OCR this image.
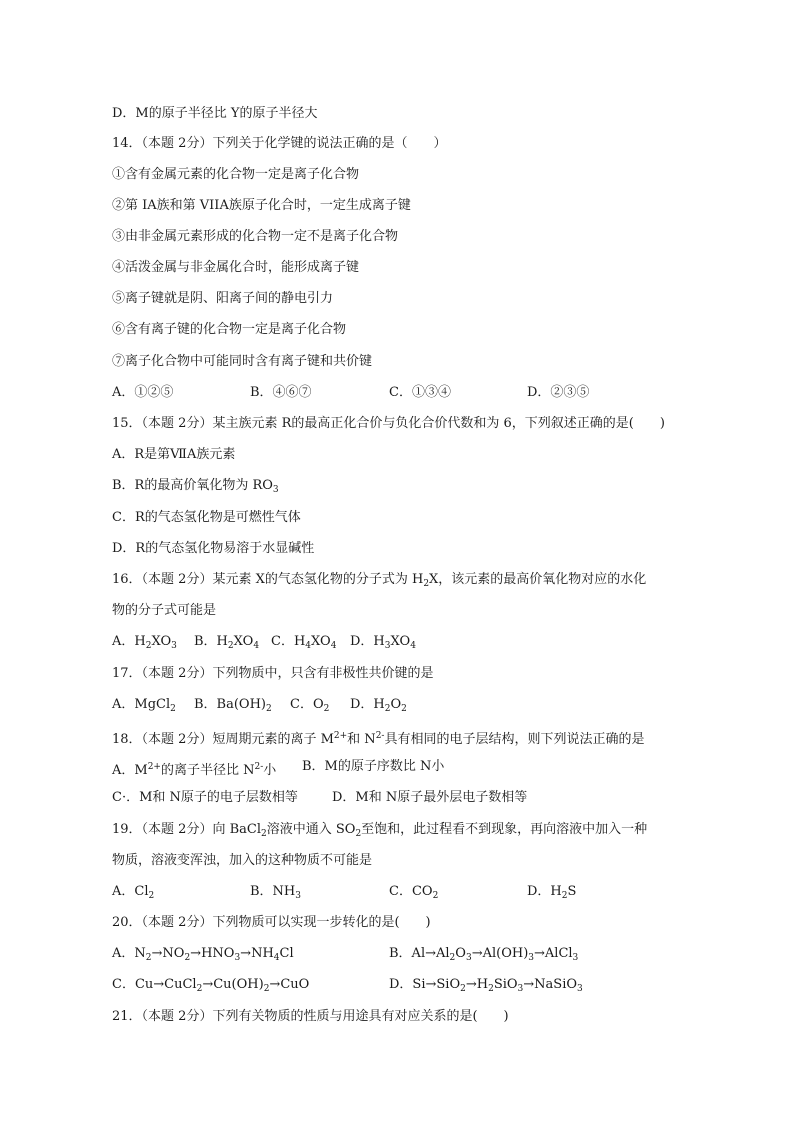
D．M的原子半径比 Y的原子半径大
14．（本题 2分）下列关于化学键的说法正确的是（　　）
①含有金属元素的化合物一定是离子化合物
②第 IA族和第 VIIA族原子化合时，一定生成离子键
③由非金属元素形成的化合物一定不是离子化合物
④活泼金属与非金属化合时，能形成离子键
⑤离子键就是阴、阳离子间的静电引力
⑥含有离子键的化合物一定是离子化合物
⑦离子化合物中可能同时含有离子键和共价键

A．①②⑤

	B．④⑥⑦

	C．①③④

	D．②③⑤

15．（本题 2分）某主族元素 R的最高正化合价与负化合价代数和为 6，下列叙述正确的是(　　)
A．R是第ⅦA族元素
B．R的最高价氧化物为 $RO_3$
C．R的气态氢化物是可燃性气体
D．R的气态氢化物易溶于水显碱性
16．（本题 2分）某元素 X的气态氢化物的分子式为 $H_2X$，该元素的最高价氧化物对应的水化
物的分子式可能是

A．$H_2XO_3$

B．$H_2XO_4$

C．$H_4XO_4$

D．$H_3XO_4$

17．（本题 2分）下列物质中，只含有非极性共价键的是

A．MgCl$_2$

B．$Ba(OH)_2$

C．$O_2$

D．$H_2O_2$

18．（本题 2分）短周期元素的离子 $M^{2+}$和 $N^{2-}$具有相同的电子层结构，则下列说法正确的是

A．$M^{2+}$的离子半径比 $N^{2-}$小

B．M的原子序数比 N小

C·．M和 N原子的电子层数相等

	D．M和 N原子最外层电子数相等

19．（本题 2分）向 BaCl$_2$溶液中通入 $SO_2$至饱和，此过程看不到现象，再向溶液中加入一种
物质，溶液变浑浊，加入的这种物质不可能是

A．$Cl_2$

	B．$NH_3$

	C．$CO_2$

	D．$H_2S$

20．（本题 2分）下列物质可以实现一步转化的是(　　)

A．$N_2\to NO_2\to HNO_3\to NH_4Cl$

	B．$Al\to Al_2O_3\to Al(OH)_3\to AlCl_3$

C．$Cu\to CuCl_2\to Cu(OH)_2\to CuO$

	D．$Si\to SiO_2\to H_2SiO_3\to NaSiO_3$

21．（本题 2分）下列有关物质的性质与用途具有对应关系的是(　　)
